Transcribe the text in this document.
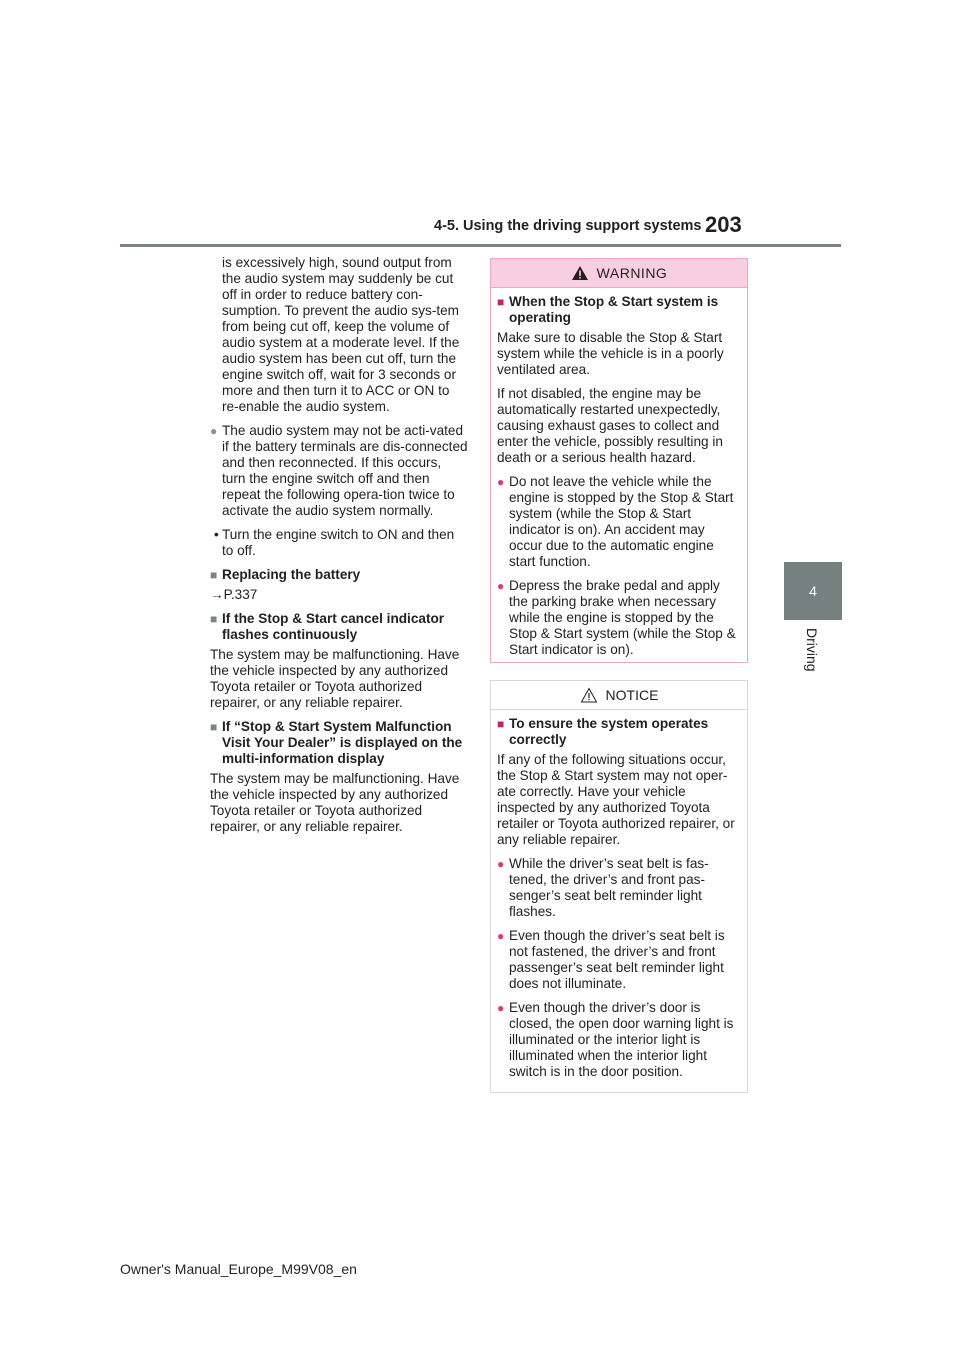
4-5. Using the driving support systems 203
4
Driving

is excessively high, sound output from the audio system may suddenly be cut off in order to reduce battery con-sumption. To prevent the audio sys-tem from being cut off, keep the volume of audio system at a moderate level. If the audio system has been cut off, turn the engine switch off, wait for 3 seconds or more and then turn it to ACC or ON to re-enable the audio system.

● The audio system may not be acti-vated if the battery terminals are dis-connected and then reconnected. If this occurs, turn the engine switch off and then repeat the following opera-tion twice to activate the audio system normally.
• Turn the engine switch to ON and then to off.
■ Replacing the battery

→P.337

■ If the Stop & Start cancel indicator flashes continuously

The system may be malfunctioning. Have the vehicle inspected by any authorized Toyota retailer or Toyota authorized repairer, or any reliable repairer.

■ If “Stop & Start System Malfunction Visit Your Dealer” is displayed on the multi-information display

The system may be malfunctioning. Have the vehicle inspected by any authorized Toyota retailer or Toyota authorized repairer, or any reliable repairer.

WARNING
■ When the Stop & Start system is operating

Make sure to disable the Stop & Start system while the vehicle is in a poorly ventilated area.

If not disabled, the engine may be automatically restarted unexpectedly, causing exhaust gases to collect and enter the vehicle, possibly resulting in death or a serious health hazard.

● Do not leave the vehicle while the engine is stopped by the Stop & Start system (while the Stop & Start indicator is on). An accident may occur due to the automatic engine start function.
● Depress the brake pedal and apply the parking brake when necessary while the engine is stopped by the Stop & Start system (while the Stop & Start indicator is on).
NOTICE
■ To ensure the system operates correctly

If any of the following situations occur, the Stop & Start system may not oper-ate correctly. Have your vehicle inspected by any authorized Toyota retailer or Toyota authorized repairer, or any reliable repairer.

● While the driver’s seat belt is fas-tened, the driver’s and front pas-senger’s seat belt reminder light flashes.
● Even though the driver’s seat belt is not fastened, the driver’s and front passenger’s seat belt reminder light does not illuminate.
● Even though the driver’s door is closed, the open door warning light is illuminated or the interior light is illuminated when the interior light switch is in the door position.
Owner's Manual_Europe_M99V08_en
